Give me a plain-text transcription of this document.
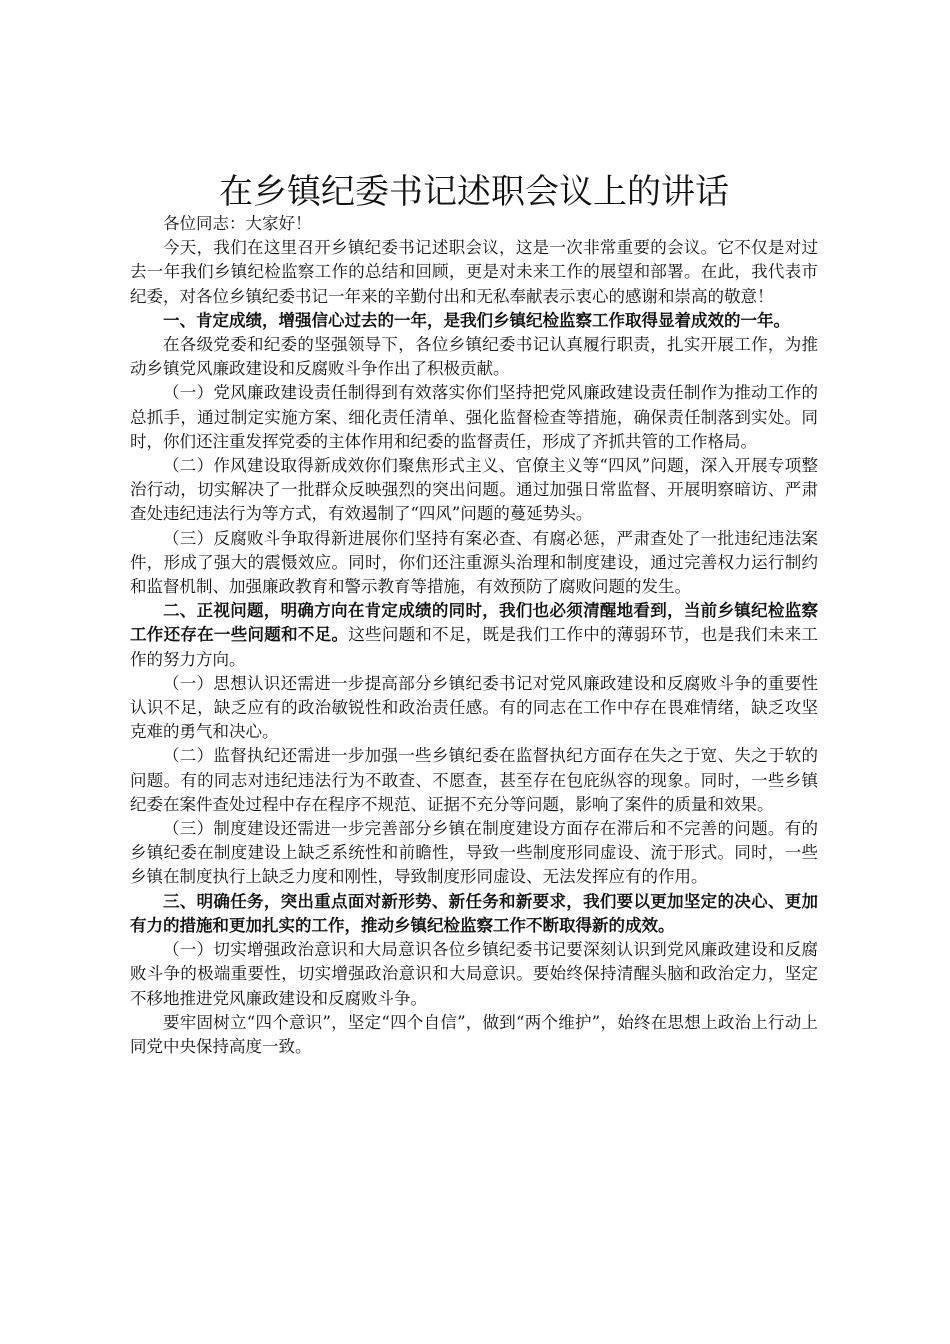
在乡镇纪委书记述职会议上的讲话

各位同志：大家好！

今天，我们在这里召开乡镇纪委书记述职会议，这是一次非常重要的会议。它不仅是对过去一年我们乡镇纪检监察工作的总结和回顾，更是对未来工作的展望和部署。在此，我代表市纪委，对各位乡镇纪委书记一年来的辛勤付出和无私奉献表示衷心的感谢和崇高的敬意！

一、肯定成绩，增强信心过去的一年，是我们乡镇纪检监察工作取得显着成效的一年。

在各级党委和纪委的坚强领导下，各位乡镇纪委书记认真履行职责，扎实开展工作，为推动乡镇党风廉政建设和反腐败斗争作出了积极贡献。

（一）党风廉政建设责任制得到有效落实你们坚持把党风廉政建设责任制作为推动工作的总抓手，通过制定实施方案、细化责任清单、强化监督检查等措施，确保责任制落到实处。同时，你们还注重发挥党委的主体作用和纪委的监督责任，形成了齐抓共管的工作格局。

（二）作风建设取得新成效你们聚焦形式主义、官僚主义等“四风”问题，深入开展专项整治行动，切实解决了一批群众反映强烈的突出问题。通过加强日常监督、开展明察暗访、严肃查处违纪违法行为等方式，有效遏制了“四风”问题的蔓延势头。

（三）反腐败斗争取得新进展你们坚持有案必查、有腐必惩，严肃查处了一批违纪违法案件，形成了强大的震慑效应。同时，你们还注重源头治理和制度建设，通过完善权力运行制约和监督机制、加强廉政教育和警示教育等措施，有效预防了腐败问题的发生。

二、正视问题，明确方向在肯定成绩的同时，我们也必须清醒地看到，当前乡镇纪检监察工作还存在一些问题和不足。这些问题和不足，既是我们工作中的薄弱环节，也是我们未来工作的努力方向。

（一）思想认识还需进一步提高部分乡镇纪委书记对党风廉政建设和反腐败斗争的重要性认识不足，缺乏应有的政治敏锐性和政治责任感。有的同志在工作中存在畏难情绪，缺乏攻坚克难的勇气和决心。

（二）监督执纪还需进一步加强一些乡镇纪委在监督执纪方面存在失之于宽、失之于软的问题。有的同志对违纪违法行为不敢查、不愿查，甚至存在包庇纵容的现象。同时，一些乡镇纪委在案件查处过程中存在程序不规范、证据不充分等问题，影响了案件的质量和效果。

（三）制度建设还需进一步完善部分乡镇在制度建设方面存在滞后和不完善的问题。有的乡镇纪委在制度建设上缺乏系统性和前瞻性，导致一些制度形同虚设、流于形式。同时，一些乡镇在制度执行上缺乏力度和刚性，导致制度形同虚设、无法发挥应有的作用。

三、明确任务，突出重点面对新形势、新任务和新要求，我们要以更加坚定的决心、更加有力的措施和更加扎实的工作，推动乡镇纪检监察工作不断取得新的成效。

（一）切实增强政治意识和大局意识各位乡镇纪委书记要深刻认识到党风廉政建设和反腐败斗争的极端重要性，切实增强政治意识和大局意识。要始终保持清醒头脑和政治定力，坚定不移地推进党风廉政建设和反腐败斗争。

要牢固树立“四个意识”，坚定“四个自信”，做到“两个维护”，始终在思想上政治上行动上同党中央保持高度一致。
